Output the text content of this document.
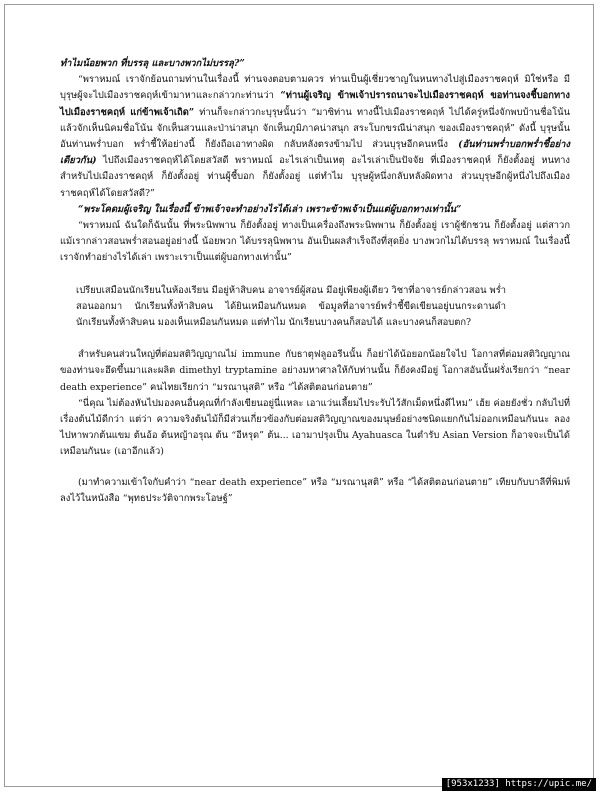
ทำไมน้อยพวก ที่บรรลุ และบางพวกไม่บรรลุ?”

“พราหมณ์ เราจักย้อนถามท่านในเรื่องนี้ ท่านจงตอบตามควร ท่านเป็นผู้เชี่ยวชาญในหนทางไปสู่เมืองราชคฤห์ มิใช่หรือ มีบุรุษผู้จะไปเมืองราชคฤห์เข้ามาหาและกล่าวกะท่านว่า “ท่านผู้เจริญ ข้าพเจ้าปรารถนาจะไปเมืองราชคฤห์ ขอท่านจงชี้บอกทางไปเมืองราชคฤห์ แก่ข้าพเจ้าเถิด” ท่านก็จะกล่าวกะบุรุษนั้นว่า “มาซิท่าน ทางนี้ไปเมืองราชคฤห์ ไปได้ครู่หนึ่งจักพบบ้านชื่อโน้น แล้วจักเห็นนิคมชื่อโน้น จักเห็นสวนและป่าน่าสนุก จักเห็นภูมิภาคน่าสนุก สระโบกขรณีน่าสนุก ของเมืองราชคฤห์” ดังนี้ บุรุษนั้นอันท่านพร่ำบอก พร่ำชี้ให้อย่างนี้ ก็ยังถือเอาทางผิด กลับหลังตรงข้ามไป ส่วนบุรุษอีกคนหนึ่ง (อันท่านพร่ำบอกพร่ำชี้อย่างเดียวกัน) ไปถึงเมืองราชคฤห์ได้โดยสวัสดี พราหมณ์ อะไรเล่าเป็นเหตุ อะไรเล่าเป็นปัจจัย ที่เมืองราชคฤห์ ก็ยังตั้งอยู่ หนทางสำหรับไปเมืองราชคฤห์ ก็ยังตั้งอยู่ ท่านผู้ชี้บอก ก็ยังตั้งอยู่ แต่ทำไม บุรุษผู้หนึ่งกลับหลังผิดทาง ส่วนบุรุษอีกผู้หนึ่งไปถึงเมืองราชคฤห์ได้โดยสวัสดี?”

“พระโคดมผู้เจริญ ในเรื่องนี้ ข้าพเจ้าจะทำอย่างไรได้เล่า เพราะข้าพเจ้าเป็นแต่ผู้บอกทางเท่านั้น”

“พราหมณ์ ฉันใดก็ฉันนั้น ที่พระนิพพาน ก็ยังตั้งอยู่ ทางเป็นเครื่องถึงพระนิพพาน ก็ยังตั้งอยู่ เราผู้ชักชวน ก็ยังตั้งอยู่ แต่สาวก แม้เรากล่าวสอนพร่ำสอนอยู่อย่างนี้ น้อยพวก ได้บรรลุนิพพาน อันเป็นผลสำเร็จถึงที่สุดยิ่ง บางพวกไม่ได้บรรลุ พราหมณ์ ในเรื่องนี้ เราจักทำอย่างไรได้เล่า เพราะเราเป็นแต่ผู้บอกทางเท่านั้น”

เปรียบเสมือนนักเรียนในห้องเรียน มีอยู่ห้าสิบคน อาจารย์ผู้สอน มีอยู่เพียงผู้เดียว วิชาที่อาจารย์กล่าวสอน พร่ำสอนออกมา นักเรียนทั้งห้าสิบคน ได้ยินเหมือนกันหมด ข้อมูลที่อาจารย์พร่ำชี้ขีดเขียนอยู่บนกระดานดำ นักเรียนทั้งห้าสิบคน มองเห็นเหมือนกันหมด แต่ทำไม นักเรียนบางคนก็สอบได้ และบางคนก็สอบตก?

สำหรับคนส่วนใหญ่ที่ต่อมสติวิญญาณไม่ immune กับธาตุฟลูออรีนนั้น ก็อย่าได้น้อยอกน้อยใจไป โอกาสที่ต่อมสติวิญญาณของท่านจะฮึดขึ้นมาและผลิต dimethyl tryptamine อย่างมหาศาลให้กับท่านนั้น ก็ยังคงมีอยู่ โอกาสอันนั้นฝรั่งเรียกว่า “near death experience” คนไทยเรียกว่า “มรณานุสติ” หรือ “ได้สติตอนก่อนตาย”

“นี่คุณ ไม่ต้องหันไปมองคนอื่นคุณที่กำลังเขียนอยู่นี่แหละ เอาแว่นเลี้ยมไประรับไว้สักเม็ดหนึ่งดีไหม” เฮ้ย ค่อยยังชั่ว กลับไปที่เรื่องต้นไม้ดีกว่า แต่ว่า ความจริงต้นไม้ก็มีส่วนเกี่ยวข้องกับต่อมสติวิญญาณของมนุษย์อย่างชนิดแยกกันไม่ออกเหมือนกันนะ ลองไปหาพวกต้นแขม ต้นอ้อ ต้นหญ้าอรุณ ต้น “อีหรุด” ต้น... เอามาปรุงเป็น Ayahuasca ในตำรับ Asian Version ก็อาจจะเป็นได้เหมือนกันนะ (เอาอีกแล้ว)

(มาทำความเข้าใจกับคำว่า “near death experience” หรือ “มรณานุสติ” หรือ “ได้สติตอนก่อนตาย” เทียบกับบาลีที่พิมพ์ลงไว้ในหนังสือ “พุทธประวัติจากพระโอษฐ์”

[953x1233] https://upic.me/
